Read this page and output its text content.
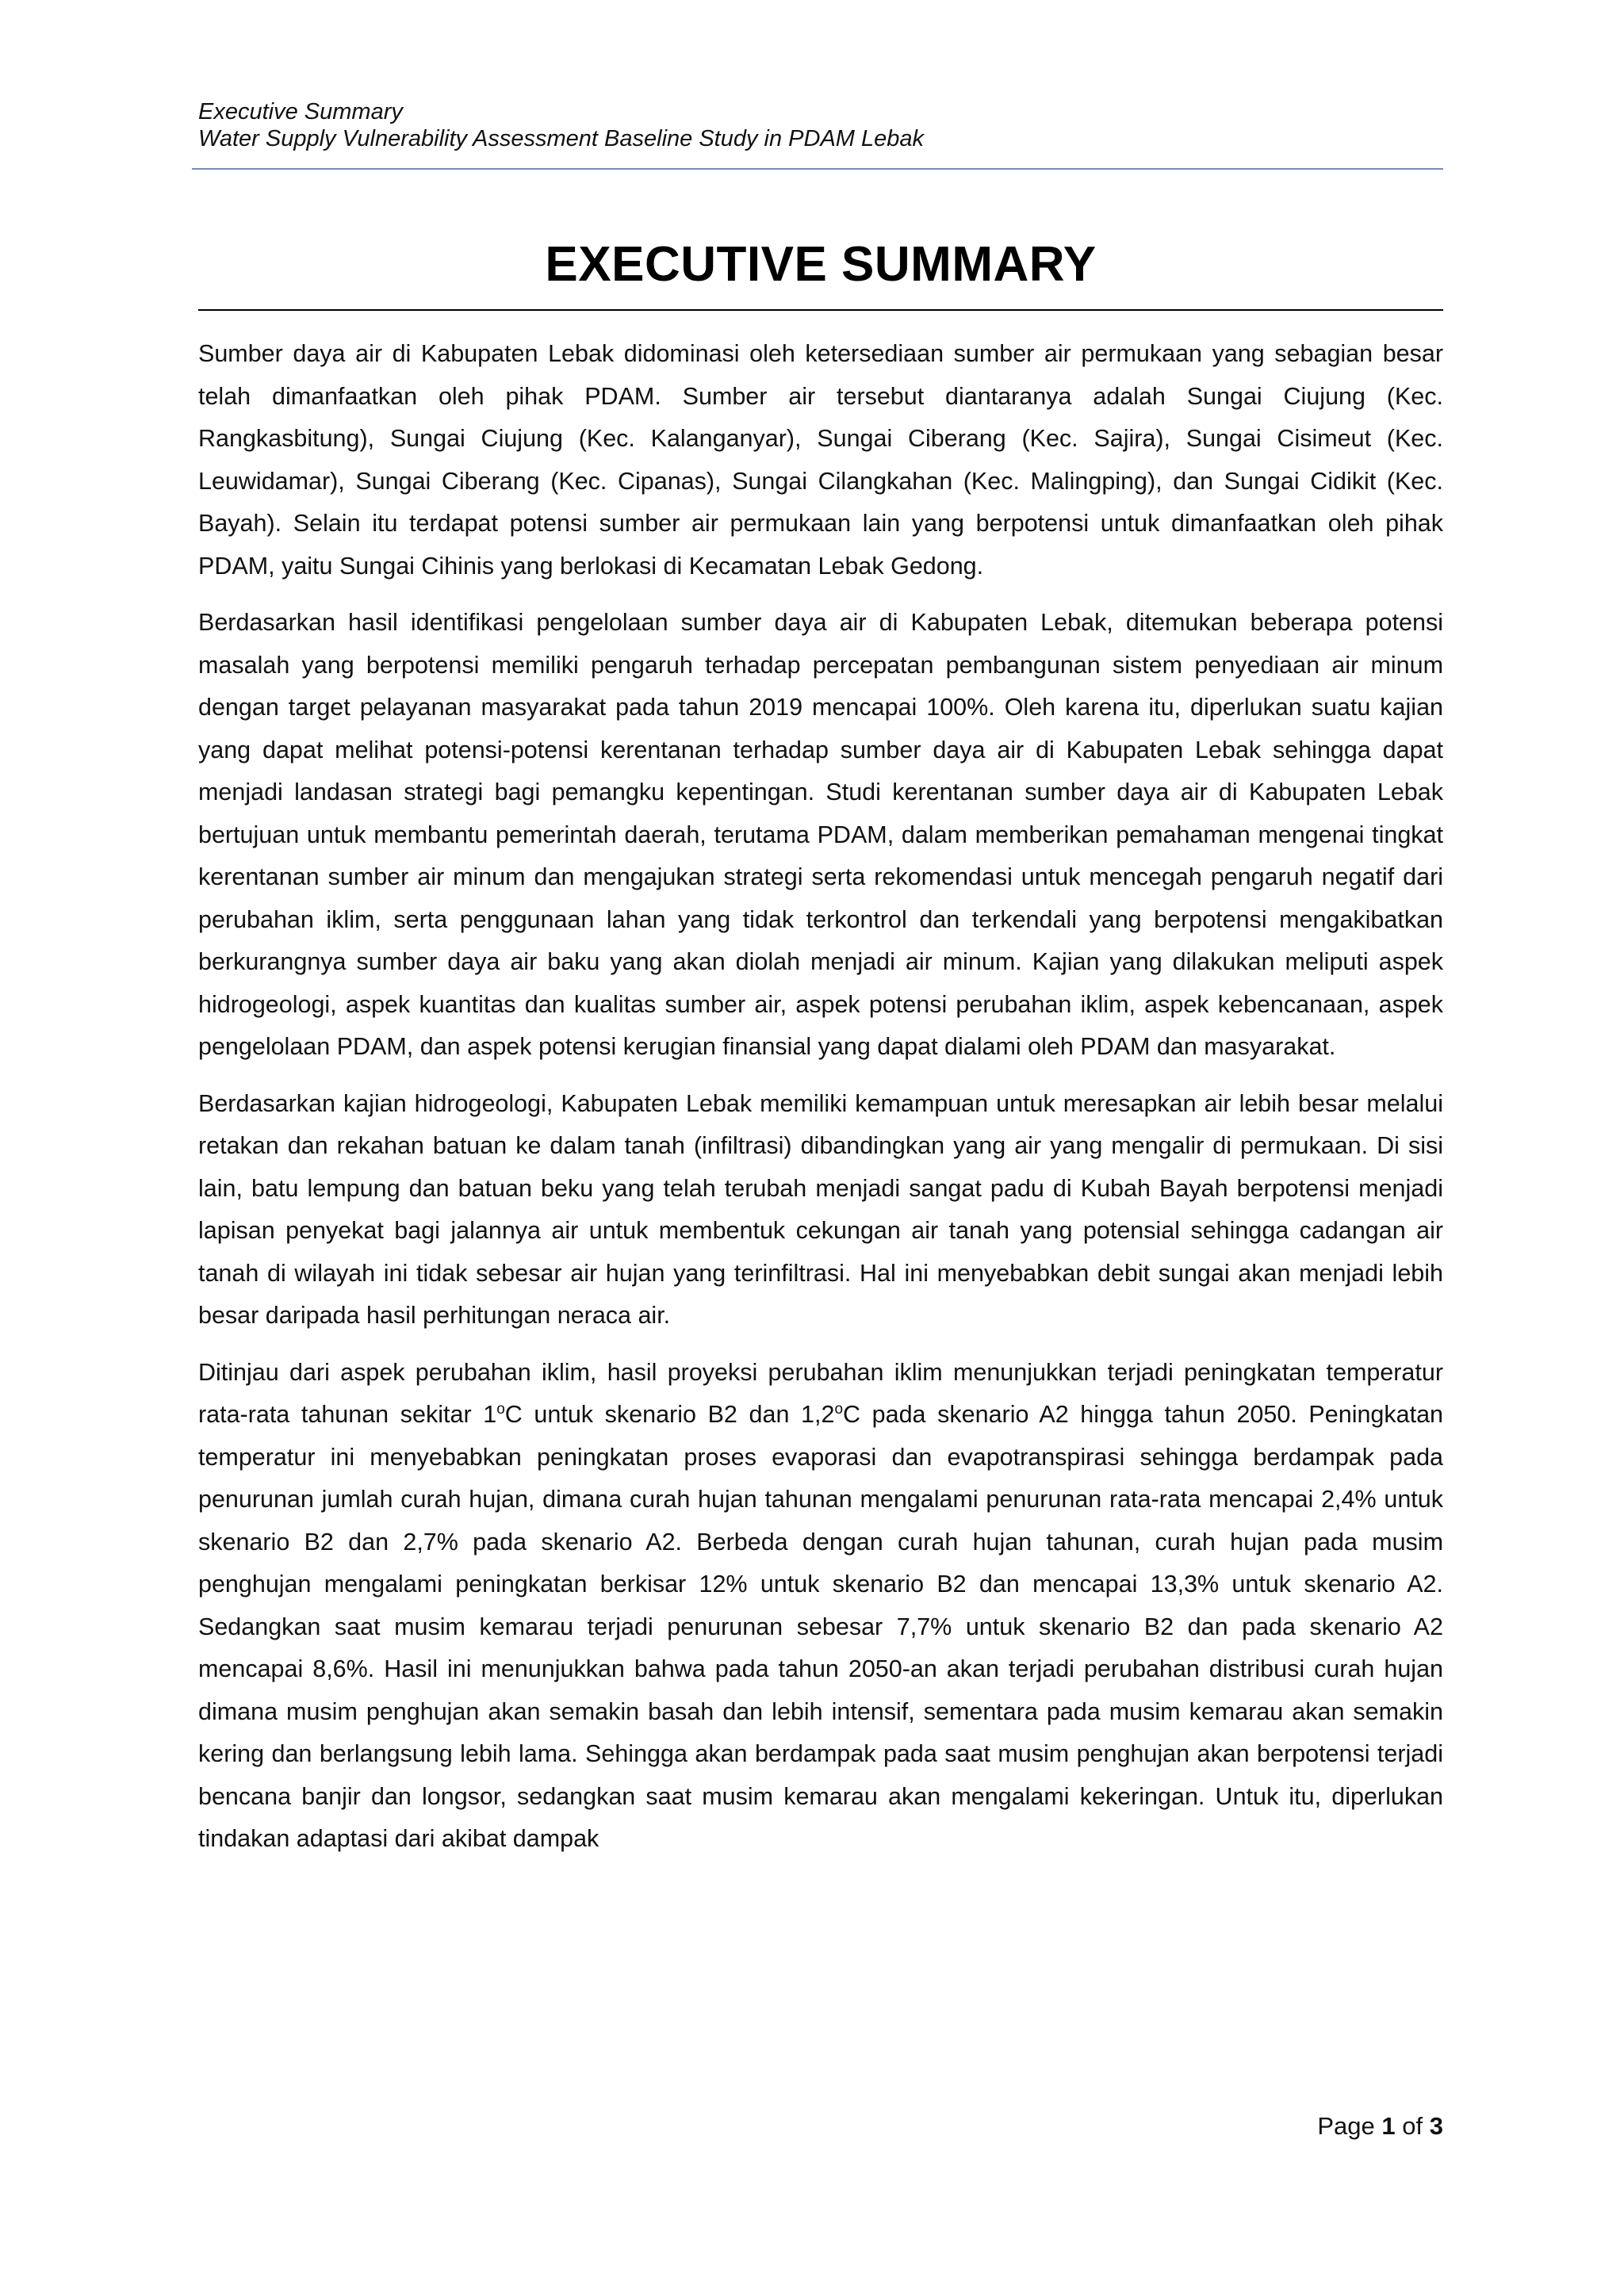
Executive Summary
Water Supply Vulnerability Assessment Baseline Study in PDAM Lebak
EXECUTIVE SUMMARY

Sumber daya air di Kabupaten Lebak didominasi oleh ketersediaan sumber air permukaan yang sebagian besar telah dimanfaatkan oleh pihak PDAM. Sumber air tersebut diantaranya adalah Sungai Ciujung (Kec. Rangkasbitung), Sungai Ciujung (Kec. Kalanganyar), Sungai Ciberang (Kec. Sajira), Sungai Cisimeut (Kec. Leuwidamar), Sungai Ciberang (Kec. Cipanas), Sungai Cilangkahan (Kec. Malingping), dan Sungai Cidikit (Kec. Bayah). Selain itu terdapat potensi sumber air permukaan lain yang berpotensi untuk dimanfaatkan oleh pihak PDAM, yaitu Sungai Cihinis yang berlokasi di Kecamatan Lebak Gedong.

Berdasarkan hasil identifikasi pengelolaan sumber daya air di Kabupaten Lebak, ditemukan beberapa potensi masalah yang berpotensi memiliki pengaruh terhadap percepatan pembangunan sistem penyediaan air minum dengan target pelayanan masyarakat pada tahun 2019 mencapai 100%. Oleh karena itu, diperlukan suatu kajian yang dapat melihat potensi-potensi kerentanan terhadap sumber daya air di Kabupaten Lebak sehingga dapat menjadi landasan strategi bagi pemangku kepentingan. Studi kerentanan sumber daya air di Kabupaten Lebak bertujuan untuk membantu pemerintah daerah, terutama PDAM, dalam memberikan pemahaman mengenai tingkat kerentanan sumber air minum dan mengajukan strategi serta rekomendasi untuk mencegah pengaruh negatif dari perubahan iklim, serta penggunaan lahan yang tidak terkontrol dan terkendali yang berpotensi mengakibatkan berkurangnya sumber daya air baku yang akan diolah menjadi air minum. Kajian yang dilakukan meliputi aspek hidrogeologi, aspek kuantitas dan kualitas sumber air, aspek potensi perubahan iklim, aspek kebencanaan, aspek pengelolaan PDAM, dan aspek potensi kerugian finansial yang dapat dialami oleh PDAM dan masyarakat.

Berdasarkan kajian hidrogeologi, Kabupaten Lebak memiliki kemampuan untuk meresapkan air lebih besar melalui retakan dan rekahan batuan ke dalam tanah (infiltrasi) dibandingkan yang air yang mengalir di permukaan. Di sisi lain, batu lempung dan batuan beku yang telah terubah menjadi sangat padu di Kubah Bayah berpotensi menjadi lapisan penyekat bagi jalannya air untuk membentuk cekungan air tanah yang potensial sehingga cadangan air tanah di wilayah ini tidak sebesar air hujan yang terinfiltrasi. Hal ini menyebabkan debit sungai akan menjadi lebih besar daripada hasil perhitungan neraca air.

Ditinjau dari aspek perubahan iklim, hasil proyeksi perubahan iklim menunjukkan terjadi peningkatan temperatur rata-rata tahunan sekitar 1$^o$C untuk skenario B2 dan 1,2$^o$C pada skenario A2 hingga tahun 2050. Peningkatan temperatur ini menyebabkan peningkatan proses evaporasi dan evapotranspirasi sehingga berdampak pada penurunan jumlah curah hujan, dimana curah hujan tahunan mengalami penurunan rata-rata mencapai 2,4% untuk skenario B2 dan 2,7% pada skenario A2. Berbeda dengan curah hujan tahunan, curah hujan pada musim penghujan mengalami peningkatan berkisar 12% untuk skenario B2 dan mencapai 13,3% untuk skenario A2. Sedangkan saat musim kemarau terjadi penurunan sebesar 7,7% untuk skenario B2 dan pada skenario A2 mencapai 8,6%. Hasil ini menunjukkan bahwa pada tahun 2050-an akan terjadi perubahan distribusi curah hujan dimana musim penghujan akan semakin basah dan lebih intensif, sementara pada musim kemarau akan semakin kering dan berlangsung lebih lama. Sehingga akan berdampak pada saat musim penghujan akan berpotensi terjadi bencana banjir dan longsor, sedangkan saat musim kemarau akan mengalami kekeringan. Untuk itu, diperlukan tindakan adaptasi dari akibat dampak

Page 1 of 3
